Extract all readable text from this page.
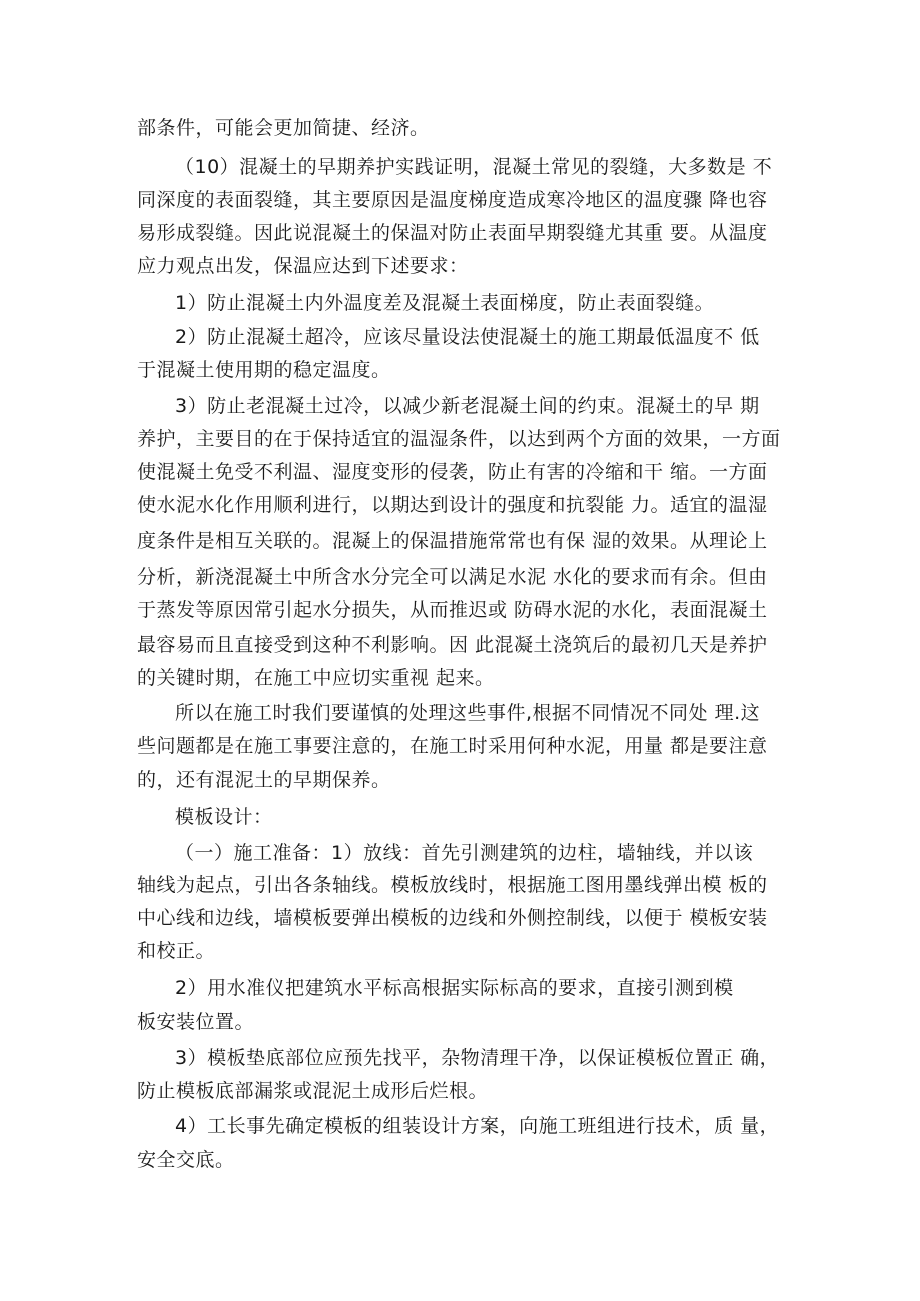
部条件，可能会更加简捷、经济。
（10）混凝土的早期养护实践证明，混凝土常见的裂缝，大多数是 不
同深度的表面裂缝，其主要原因是温度梯度造成寒冷地区的温度骤 降也容
易形成裂缝。因此说混凝土的保温对防止表面早期裂缝尤其重 要。从温度
应力观点出发，保温应达到下述要求：
1）防止混凝土内外温度差及混凝土表面梯度，防止表面裂缝。
2）防止混凝土超冷，应该尽量设法使混凝土的施工期最低温度不 低
于混凝土使用期的稳定温度。
3）防止老混凝土过冷，以减少新老混凝土间的约束。混凝土的早 期
养护，主要目的在于保持适宜的温湿条件，以达到两个方面的效果，一方面
使混凝土免受不利温、湿度变形的侵袭，防止有害的冷缩和干 缩。一方面
使水泥水化作用顺利进行，以期达到设计的强度和抗裂能 力。适宜的温湿
度条件是相互关联的。混凝上的保温措施常常也有保 湿的效果。从理论上
分析，新浇混凝土中所含水分完全可以满足水泥 水化的要求而有余。但由
于蒸发等原因常引起水分损失，从而推迟或 防碍水泥的水化，表面混凝土
最容易而且直接受到这种不利影响。因 此混凝土浇筑后的最初几天是养护
的关键时期，在施工中应切实重视 起来。
所以在施工时我们要谨慎的处理这些事件,根据不同情况不同处 理.这
些问题都是在施工事要注意的，在施工时采用何种水泥，用量 都是要注意
的，还有混泥土的早期保养。
模板设计：
（一）施工准备：1）放线：首先引测建筑的边柱，墙轴线，并以该
轴线为起点，引出各条轴线。模板放线时，根据施工图用墨线弹出模 板的
中心线和边线，墙模板要弹出模板的边线和外侧控制线，以便于 模板安装
和校正。
2）用水准仪把建筑水平标高根据实际标高的要求，直接引测到模
板安装位置。
3）模板垫底部位应预先找平，杂物清理干净，以保证模板位置正 确，
防止模板底部漏浆或混泥土成形后烂根。
4）工长事先确定模板的组装设计方案，向施工班组进行技术，质 量，
安全交底。
